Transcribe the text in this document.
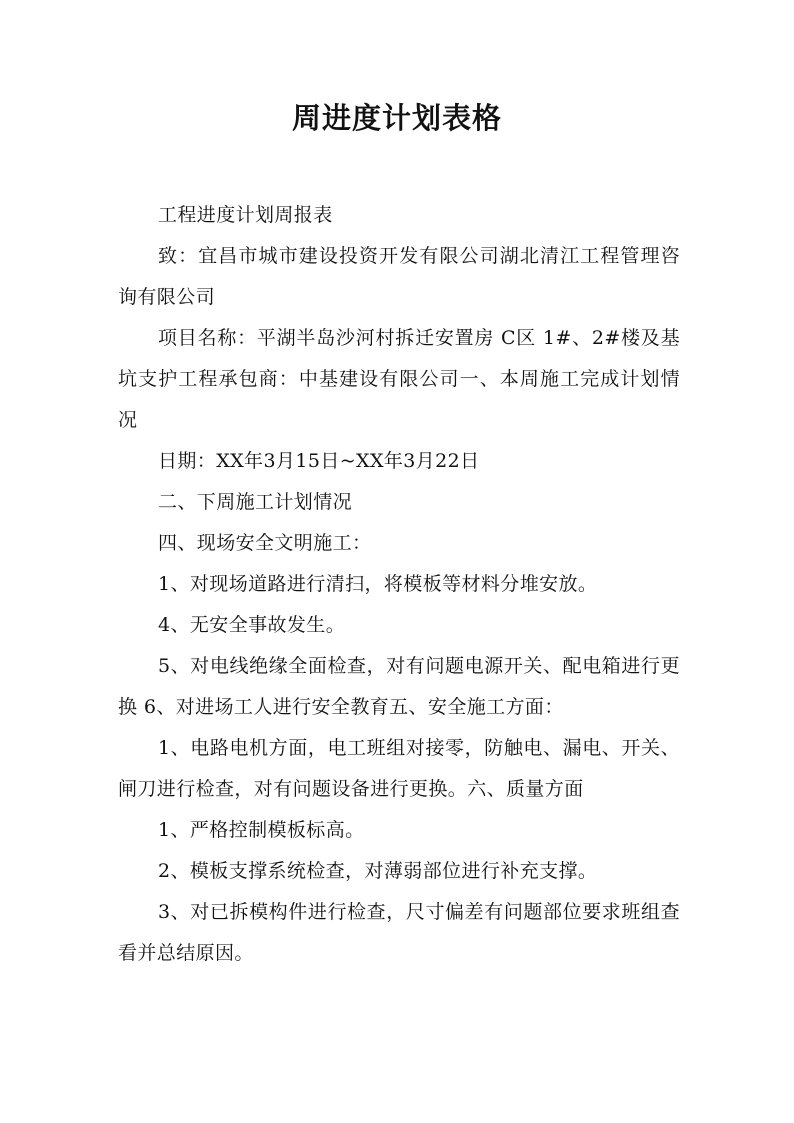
周进度计划表格

工程进度计划周报表

致：宜昌市城市建设投资开发有限公司湖北清江工程管理咨询有限公司

项目名称：平湖半岛沙河村拆迁安置房 C区 1#、2#楼及基坑支护工程承包商：中基建设有限公司一、本周施工完成计划情况

日期：XX年3月15日~XX年3月22日

二、下周施工计划情况

四、现场安全文明施工：

1、对现场道路进行清扫，将模板等材料分堆安放。

4、无安全事故发生。

5、对电线绝缘全面检查，对有问题电源开关、配电箱进行更换 6、对进场工人进行安全教育五、安全施工方面：

1、电路电机方面，电工班组对接零，防触电、漏电、开关、闸刀进行检查，对有问题设备进行更换。六、质量方面

1、严格控制模板标高。

2、模板支撑系统检查，对薄弱部位进行补充支撑。

3、对已拆模构件进行检查，尺寸偏差有问题部位要求班组查看并总结原因。
